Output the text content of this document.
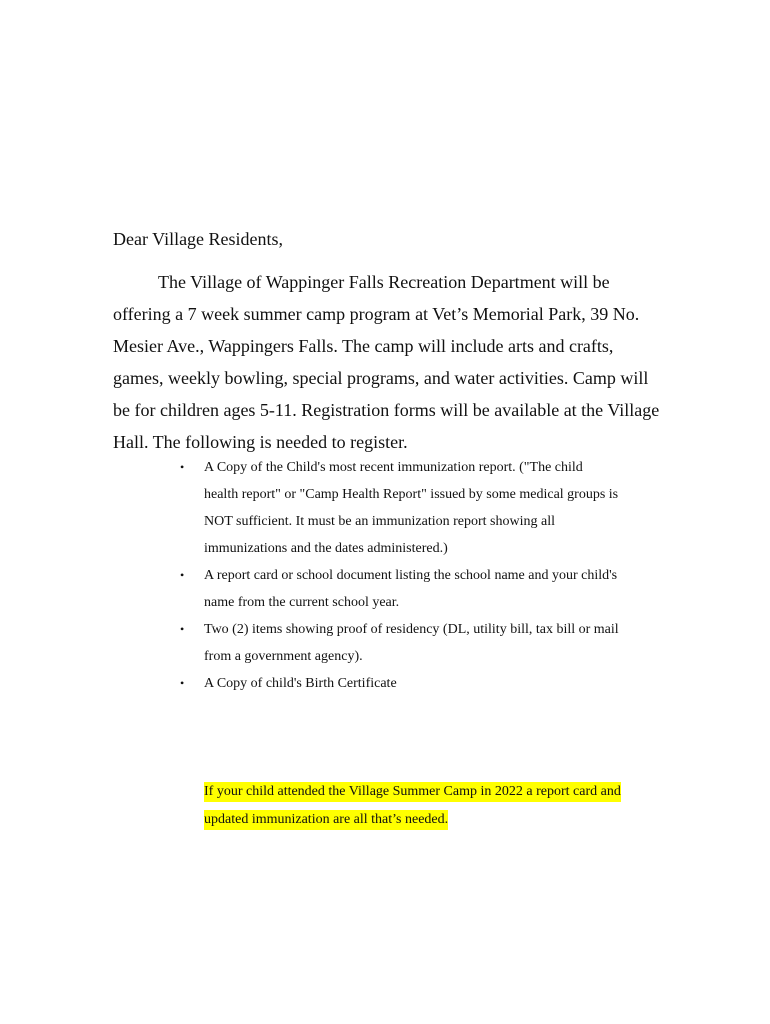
Dear Village Residents,
The Village of Wappinger Falls Recreation Department will be
offering a 7 week summer camp program at Vet’s Memorial Park, 39 No.
Mesier Ave., Wappingers Falls. The camp will include arts and crafts,
games, weekly bowling, special programs, and water activities. Camp will
be for children ages 5-11. Registration forms will be available at the Village
Hall. The following is needed to register.
• A Copy of the Child's most recent immunization report. ("The child
health report" or "Camp Health Report" issued by some medical groups is
NOT sufficient. It must be an immunization report showing all
immunizations and the dates administered.)
• A report card or school document listing the school name and your child's
name from the current school year.
• Two (2) items showing proof of residency (DL, utility bill, tax bill or mail
from a government agency).
• A Copy of child's Birth Certificate
If your child attended the Village Summer Camp in 2022 a report card and
updated immunization are all that’s needed.
